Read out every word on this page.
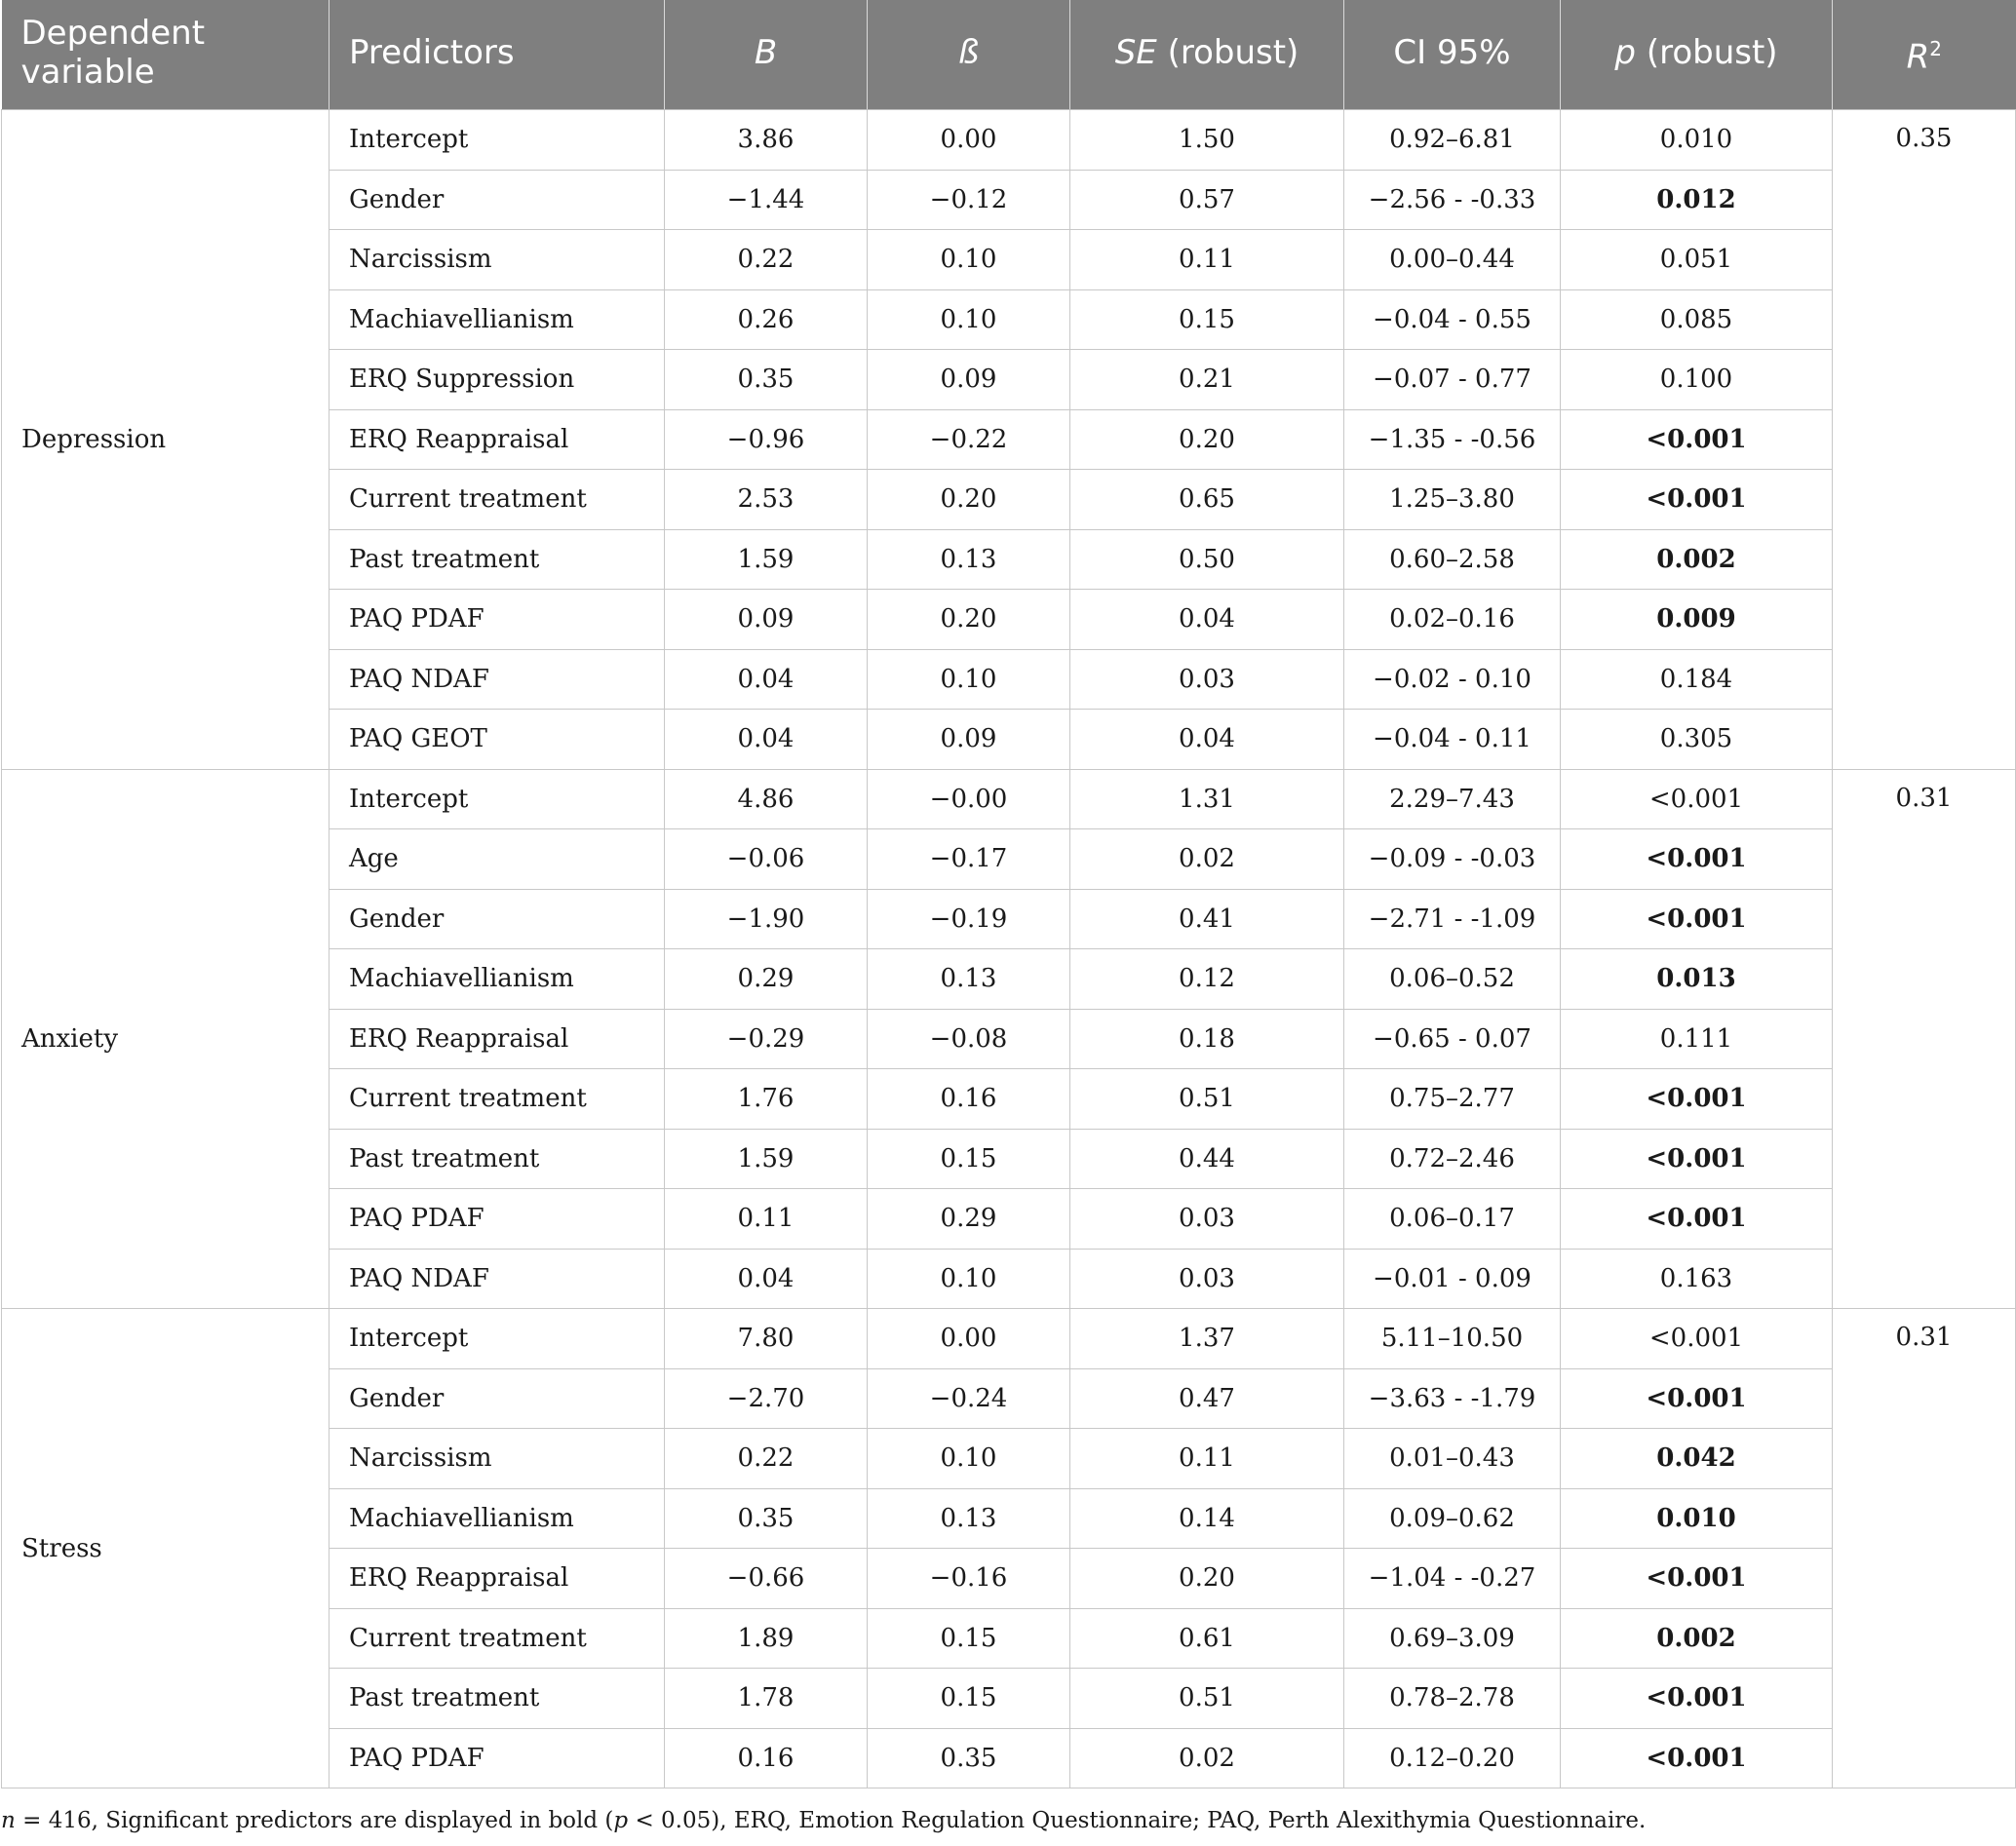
Dependent variable	Predictors	B	ß	SE (robust)	CI 95%	p (robust)	$R^2$

Depression	Intercept	3.86	0.00	1.50	0.92–6.81	0.010	0.35
	Gender	−1.44	−0.12	0.57	−2.56 - -0.33	0.012	
	Narcissism	0.22	0.10	0.11	0.00–0.44	0.051	
	Machiavellianism	0.26	0.10	0.15	−0.04 - 0.55	0.085	
	ERQ Suppression	0.35	0.09	0.21	−0.07 - 0.77	0.100	
	ERQ Reappraisal	−0.96	−0.22	0.20	−1.35 - -0.56	<0.001	
	Current treatment	2.53	0.20	0.65	1.25–3.80	<0.001	
	Past treatment	1.59	0.13	0.50	0.60–2.58	0.002	
	PAQ PDAF	0.09	0.20	0.04	0.02–0.16	0.009	
	PAQ NDAF	0.04	0.10	0.03	−0.02 - 0.10	0.184	
	PAQ GEOT	0.04	0.09	0.04	−0.04 - 0.11	0.305	
Anxiety	Intercept	4.86	−0.00	1.31	2.29–7.43	<0.001	0.31
	Age	−0.06	−0.17	0.02	−0.09 - -0.03	<0.001	
	Gender	−1.90	−0.19	0.41	−2.71 - -1.09	<0.001	
	Machiavellianism	0.29	0.13	0.12	0.06–0.52	0.013	
	ERQ Reappraisal	−0.29	−0.08	0.18	−0.65 - 0.07	0.111	
	Current treatment	1.76	0.16	0.51	0.75–2.77	<0.001	
	Past treatment	1.59	0.15	0.44	0.72–2.46	<0.001	
	PAQ PDAF	0.11	0.29	0.03	0.06–0.17	<0.001	
	PAQ NDAF	0.04	0.10	0.03	−0.01 - 0.09	0.163	
Stress	Intercept	7.80	0.00	1.37	5.11–10.50	<0.001	0.31
	Gender	−2.70	−0.24	0.47	−3.63 - -1.79	<0.001	
	Narcissism	0.22	0.10	0.11	0.01–0.43	0.042	
	Machiavellianism	0.35	0.13	0.14	0.09–0.62	0.010	
	ERQ Reappraisal	−0.66	−0.16	0.20	−1.04 - -0.27	<0.001	
	Current treatment	1.89	0.15	0.61	0.69–3.09	0.002	
	Past treatment	1.78	0.15	0.51	0.78–2.78	<0.001	
	PAQ PDAF	0.16	0.35	0.02	0.12–0.20	<0.001	
n = 416, Significant predictors are displayed in bold (p < 0.05), ERQ, Emotion Regulation Questionnaire; PAQ, Perth Alexithymia Questionnaire.
